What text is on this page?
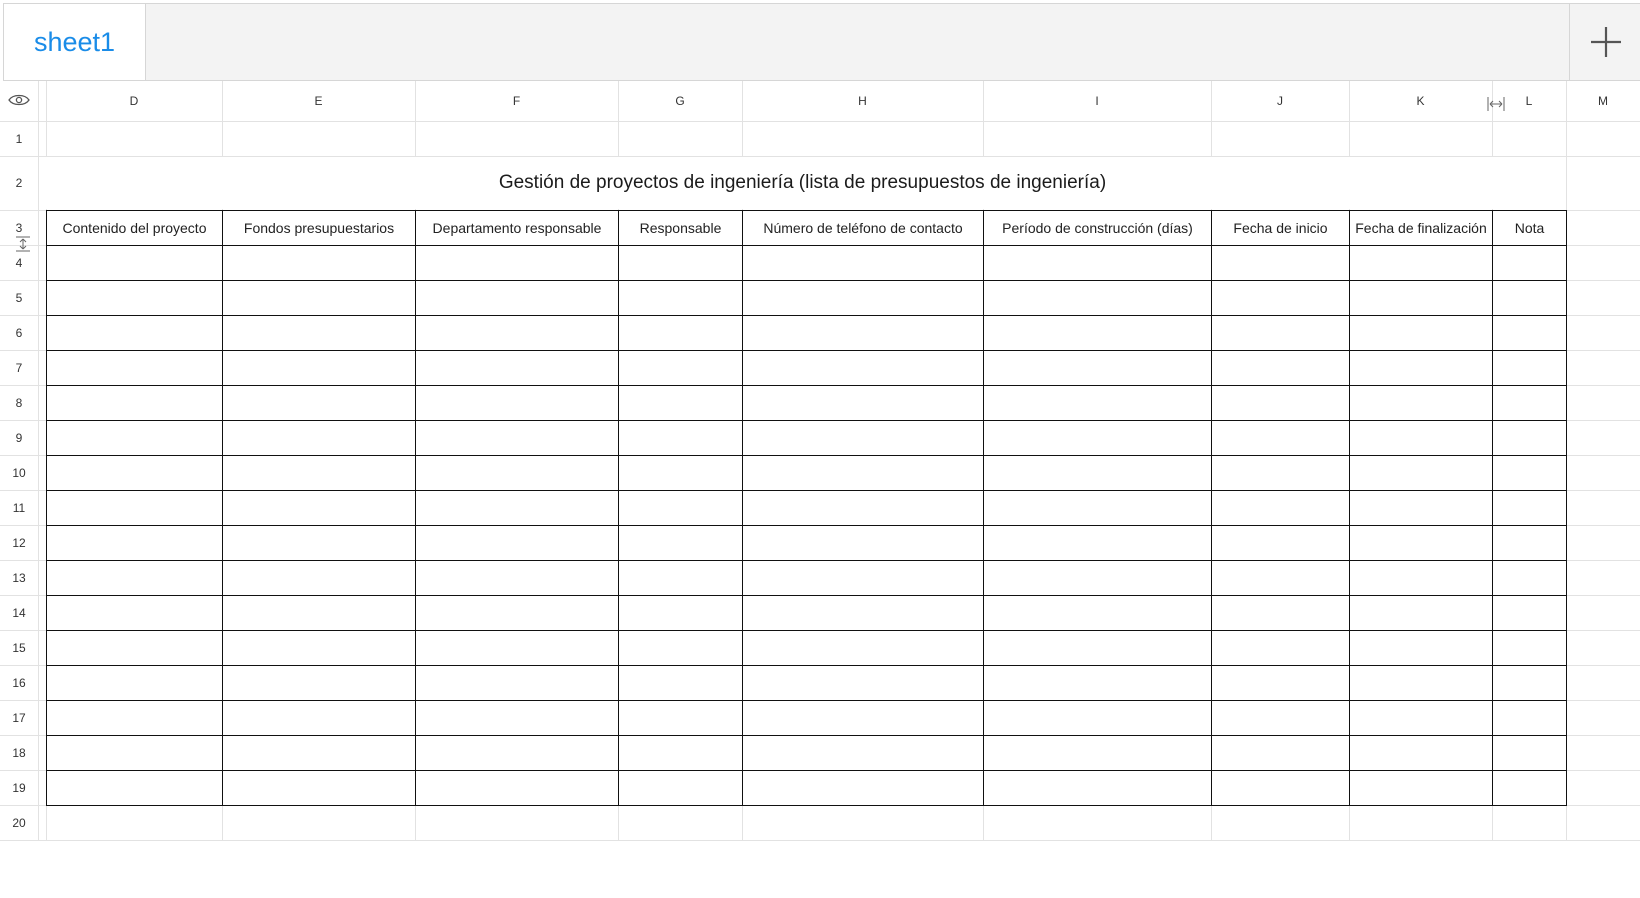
sheet1
D	E	F	G	H	I	J	K	L	M
1
2
3
4
5
6
7
8
9
10
11
12
13
14
15
16
17
18
19
20
Gestión de proyectos de ingeniería (lista de presupuestos de ingeniería)
Contenido del proyecto	Fondos presupuestarios	Departamento responsable	Responsable	Número de teléfono de contacto	Período de construcción (días)	Fecha de inicio	Fecha de finalización	Nota
